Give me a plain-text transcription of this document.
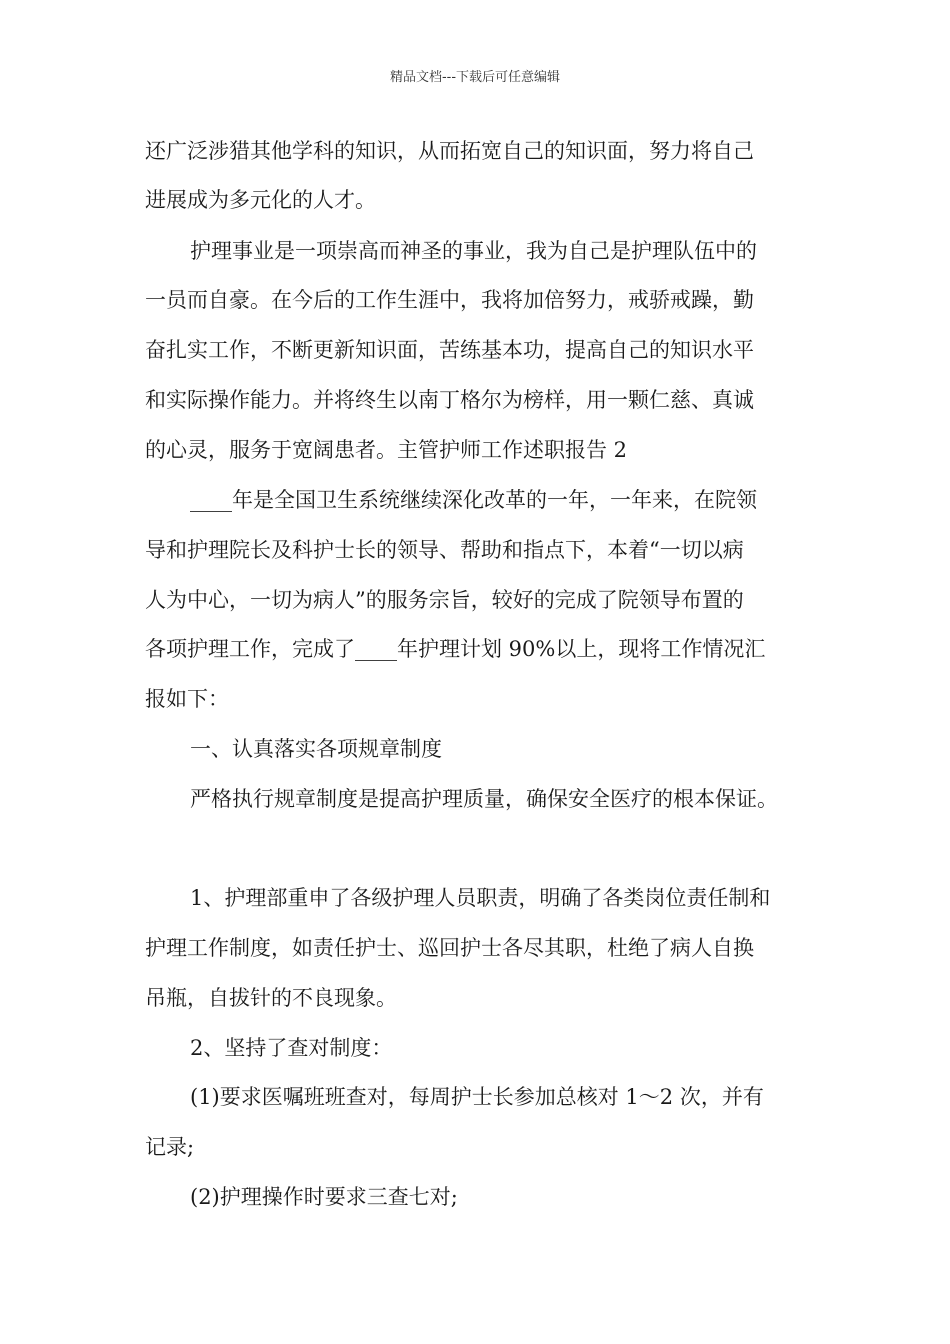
精品文档---下载后可任意编辑
还广泛涉猎其他学科的知识，从而拓宽自己的知识面，努力将自己
进展成为多元化的人才。
护理事业是一项崇高而神圣的事业，我为自己是护理队伍中的
一员而自豪。在今后的工作生涯中，我将加倍努力，戒骄戒躁，勤
奋扎实工作，不断更新知识面，苦练基本功，提高自己的知识水平
和实际操作能力。并将终生以南丁格尔为榜样，用一颗仁慈、真诚
的心灵，服务于宽阔患者。主管护师工作述职报告 2
____年是全国卫生系统继续深化改革的一年，一年来，在院领
导和护理院长及科护士长的领导、帮助和指点下，本着“一切以病
人为中心，一切为病人”的服务宗旨，较好的完成了院领导布置的
各项护理工作，完成了____年护理计划 90%以上，现将工作情况汇
报如下：
一、认真落实各项规章制度
严格执行规章制度是提高护理质量，确保安全医疗的根本保证。
1、护理部重申了各级护理人员职责，明确了各类岗位责任制和
护理工作制度，如责任护士、巡回护士各尽其职，杜绝了病人自换
吊瓶，自拔针的不良现象。
2、坚持了查对制度：
(1)要求医嘱班班查对，每周护士长参加总核对 1～2 次，并有
记录;
(2)护理操作时要求三查七对;
